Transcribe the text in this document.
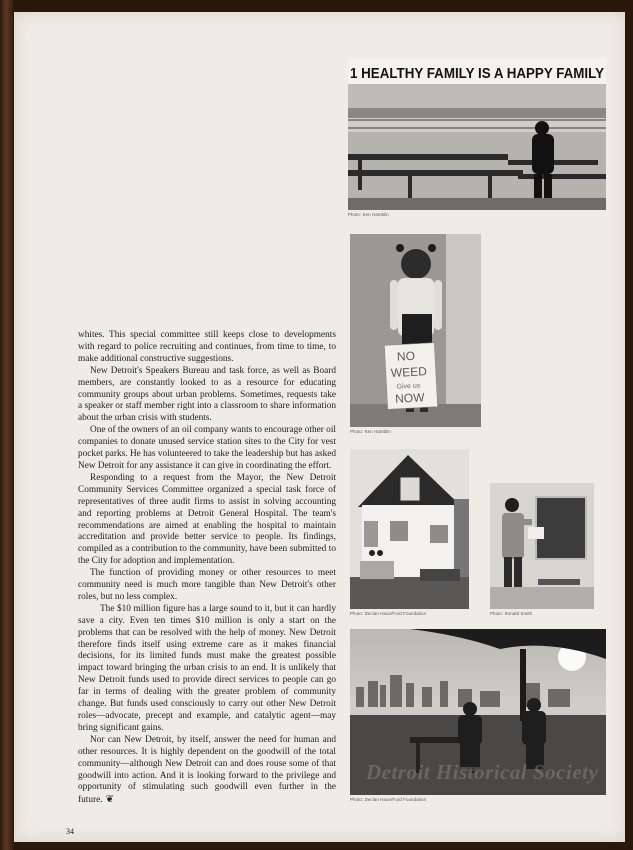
whites. This special committee still keeps close to developments with regard to police recruiting and continues, from time to time, to make additional constructive suggestions.

New Detroit's Speakers Bureau and task force, as well as Board members, are constantly looked to as a resource for educating community groups about urban problems. Sometimes, requests take a speaker or staff member right into a classroom to share information about the urban crisis with students.

One of the owners of an oil company wants to encourage other oil companies to donate unused service station sites to the City for vest pocket parks. He has volunteered to take the leadership but has asked New Detroit for any assistance it can give in coordinating the effort.

Responding to a request from the Mayor, the New Detroit Community Services Committee organized a special task force of representatives of three audit firms to assist in solving accounting and reporting problems at Detroit General Hospital. The team's recommendations are aimed at enabling the hospital to maintain accreditation and provide better service to people. Its findings, compiled as a contribution to the community, have been submitted to the City for adoption and implementation.

The function of providing money or other resources to meet community need is much more tangible than New Detroit's other roles, but no less complex.

The $10 million figure has a large sound to it, but it can hardly save a city. Even ten times $10 million is only a start on the problems that can be resolved with the help of money. New Detroit therefore finds itself using extreme care as it makes financial decisions, for its limited funds must make the greatest possible impact toward bringing the urban crisis to an end. It is unlikely that New Detroit funds used to provide direct services to people can go far in terms of dealing with the greater problem of community change. But funds used consciously to carry out other New Detroit roles—advocate, precept and example, and catalytic agent—may bring significant gains.

Nor can New Detroit, by itself, answer the need for human and other resources. It is highly dependent on the goodwill of the total community—although New Detroit can and does rouse some of that goodwill into action. And it is looking forward to the privilege and opportunity of stimulating such goodwill even further in the future. ❦

1 HEALTHY FAMILY IS A HAPPY FAMILY
Photo: Ken Hamblin
NO
WEED
Give us
NOW
Photo: Ken Hamblin
Photo: Declan Haun/Ford Foundation	Photo: Ronald Smith
Photo: Declan Haun/Ford Foundation
Detroit Historical Society
34
